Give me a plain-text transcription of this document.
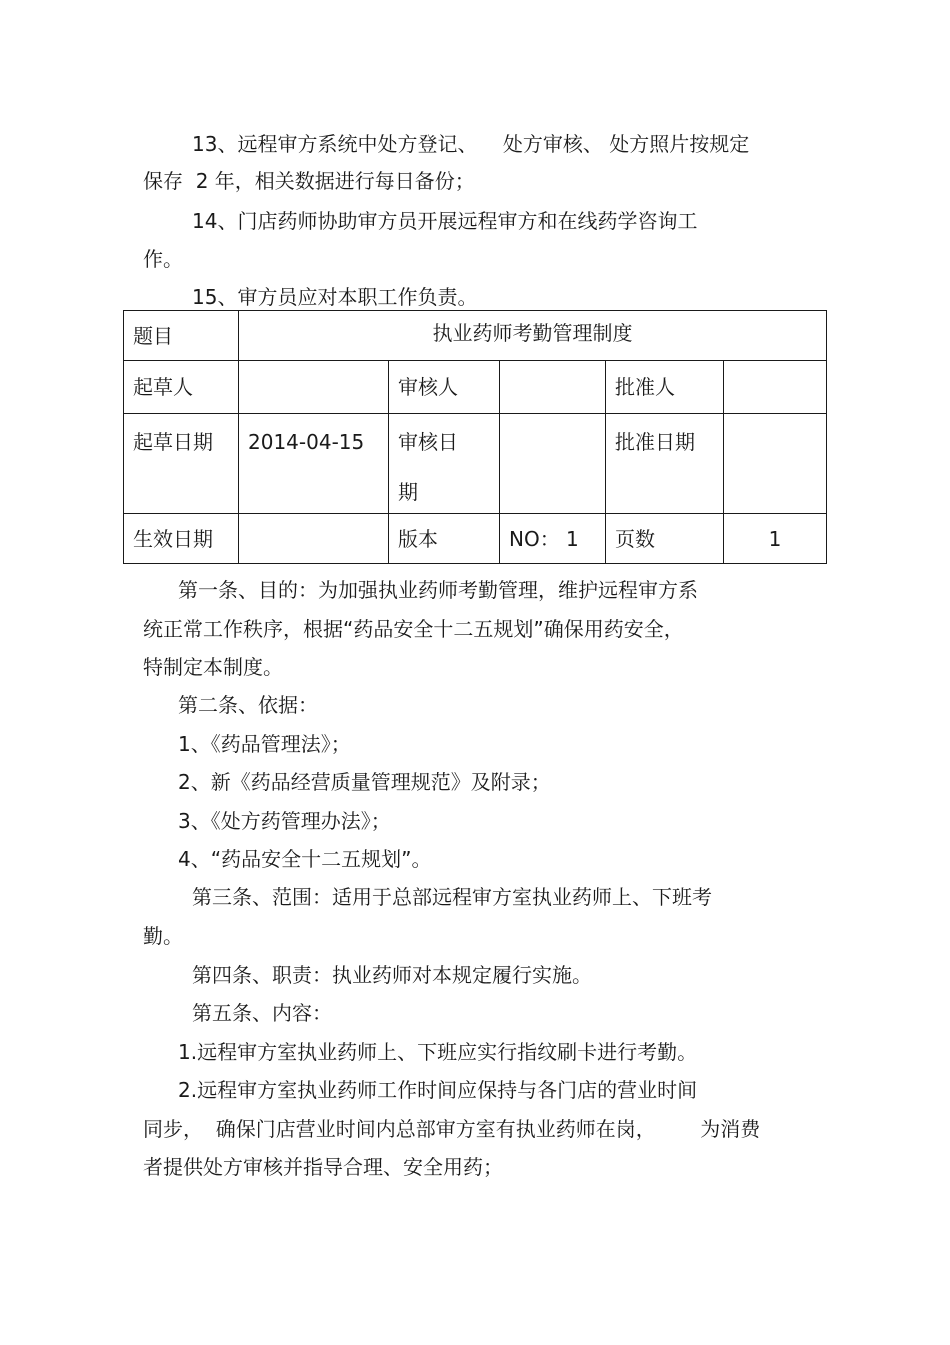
13、远程审方系统中处方登记、    处方审核、 处方照片按规定
保存  2 年，相关数据进行每日备份；
14、门店药师协助审方员开展远程审方和在线药学咨询工
作。
15、审方员应对本职工作负责。
题目	执业药师考勤管理制度				

起草人		审核人		批准人	

起草日期	2014-04-15	审核日
期		批准日期	

生效日期		版本	NO： 1	页数	1
第一条、目的：为加强执业药师考勤管理，维护远程审方系
统正常工作秩序，根据“药品安全十二五规划”确保用药安全，
特制定本制度。
第二条、依据：
1、《药品管理法》；
2、新《药品经营质量管理规范》及附录；
3、《处方药管理办法》；
4、“药品安全十二五规划”。
第三条、范围：适用于总部远程审方室执业药师上、下班考
勤。
第四条、职责：执业药师对本规定履行实施。
第五条、内容：
1.远程审方室执业药师上、下班应实行指纹刷卡进行考勤。
2.远程审方室执业药师工作时间应保持与各门店的营业时间
同步，  确保门店营业时间内总部审方室有执业药师在岗，       为消费
者提供处方审核并指导合理、安全用药；
